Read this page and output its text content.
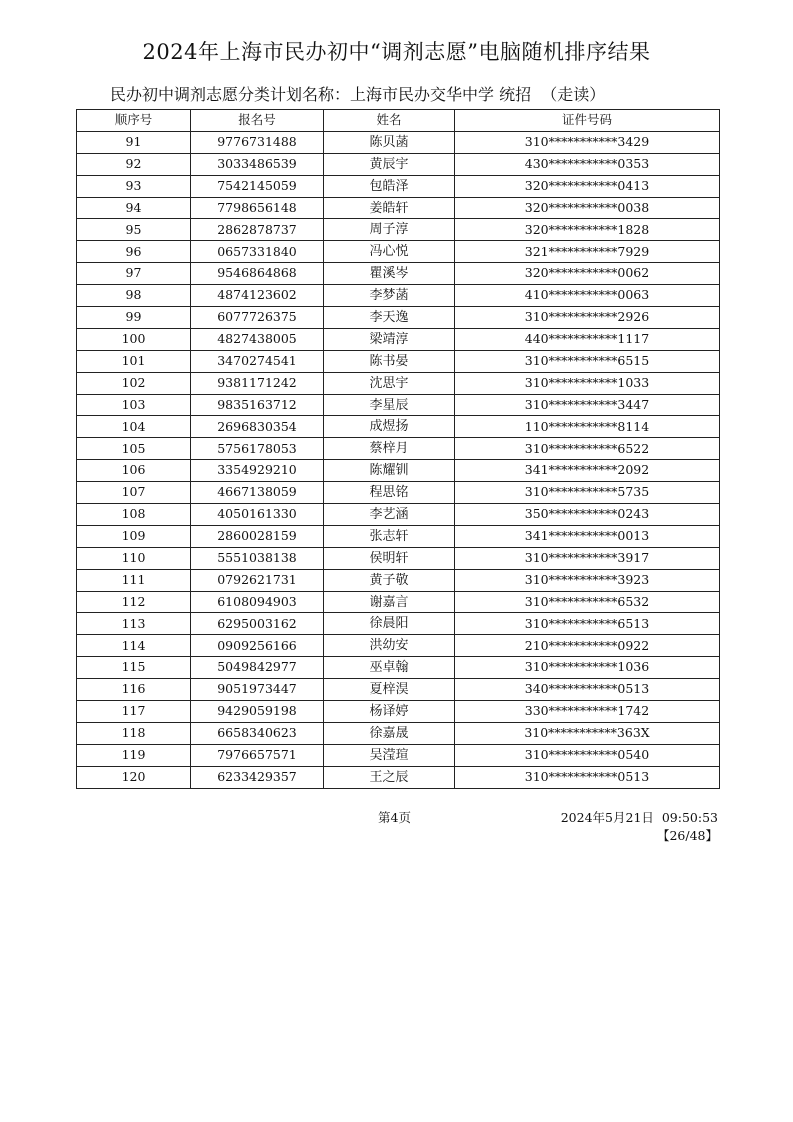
2024年上海市民办初中“调剂志愿”电脑随机排序结果
民办初中调剂志愿分类计划名称：上海市民办交华中学 统招  （走读）
顺序号	报名号	姓名	证件号码
91	9776731488	陈贝菡	310***********3429
92	3033486539	黄辰宇	430***********0353
93	7542145059	包皓泽	320***********0413
94	7798656148	姜皓轩	320***********0038
95	2862878737	周子淳	320***********1828
96	0657331840	冯心悦	321***********7929
97	9546864868	瞿溪岑	320***********0062
98	4874123602	李梦菡	410***********0063
99	6077726375	李天逸	310***********2926
100	4827438005	梁靖淳	440***********1117
101	3470274541	陈书晏	310***********6515
102	9381171242	沈思宇	310***********1033
103	9835163712	李星辰	310***********3447
104	2696830354	成煜扬	110***********8114
105	5756178053	蔡梓月	310***********6522
106	3354929210	陈耀钏	341***********2092
107	4667138059	程思铭	310***********5735
108	4050161330	李艺涵	350***********0243
109	2860028159	张志轩	341***********0013
110	5551038138	侯明轩	310***********3917
111	0792621731	黄子敬	310***********3923
112	6108094903	谢嘉言	310***********6532
113	6295003162	徐晨阳	310***********6513
114	0909256166	洪幼安	210***********0922
115	5049842977	巫卓翰	310***********1036
116	9051973447	夏梓淏	340***********0513
117	9429059198	杨译婷	330***********1742
118	6658340623	徐嘉晟	310***********363X
119	7976657571	吴滢瑄	310***********0540
120	6233429357	王之辰	310***********0513
第4页	2024年5月21日  09:50:53
【26/48】
